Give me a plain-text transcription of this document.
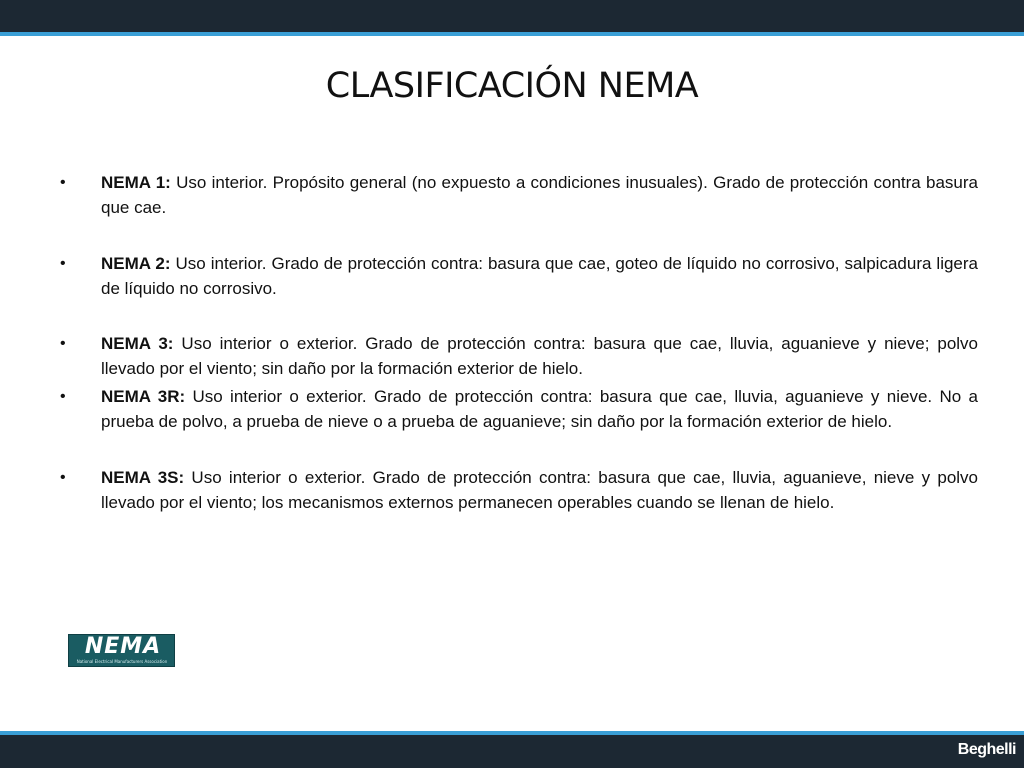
CLASIFICACIÓN NEMA
• NEMA 1: Uso interior. Propósito general (no expuesto a condiciones inusuales). Grado de protección contra basura que cae.
• NEMA 2: Uso interior. Grado de protección contra: basura que cae, goteo de líquido no corrosivo, salpicadura ligera de líquido no corrosivo.
• NEMA 3: Uso interior o exterior. Grado de protección contra: basura que cae, lluvia, aguanieve y nieve; polvo llevado por el viento; sin daño por la formación exterior de hielo.
• NEMA 3R: Uso interior o exterior. Grado de protección contra: basura que cae, lluvia, aguanieve y nieve. No a prueba de polvo, a prueba de nieve o a prueba de aguanieve; sin daño por la formación exterior de hielo.
• NEMA 3S: Uso interior o exterior. Grado de protección contra: basura que cae, lluvia, aguanieve, nieve y polvo llevado por el viento; los mecanismos externos permanecen operables cuando se llenan de hielo.
NEMA
National Electrical Manufacturers Association
Beghelli
